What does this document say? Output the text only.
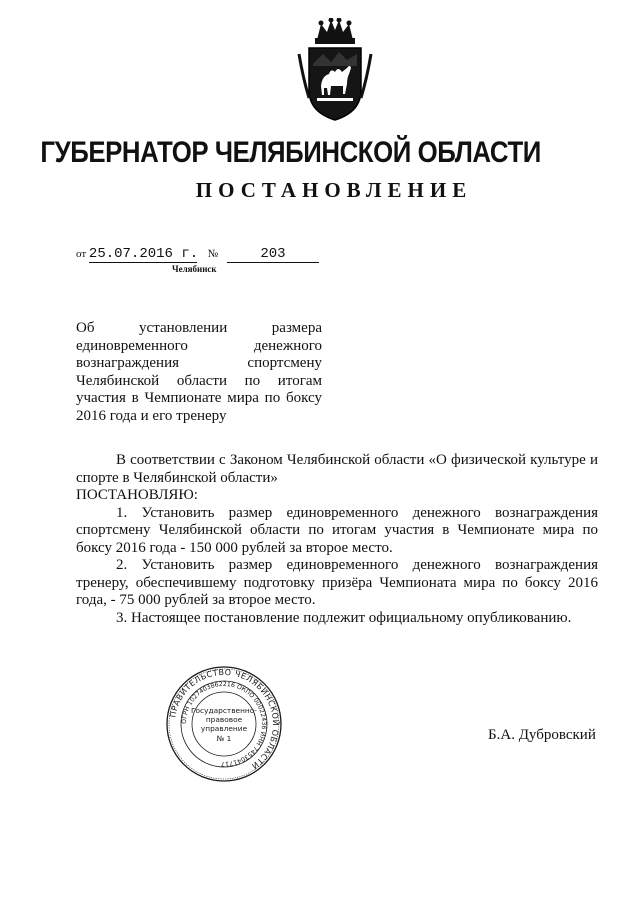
ГУБЕРНАТОР ЧЕЛЯБИНСКОЙ ОБЛАСТИ
ПОСТАНОВЛЕНИЕ
от 25.07.2016 г. №	203
Челябинск
Об установлении размера единовременного денежного вознаграждения спортсмену Челябинской области по итогам участия в Чемпионате мира по боксу 2016 года и его тренеру

В соответствии с Законом Челябинской области «О физической культуре и спорте в Челябинской области»

ПОСТАНОВЛЯЮ:

1. Установить размер единовременного денежного вознаграждения спортсмену Челябинской области по итогам участия в Чемпионате мира по боксу 2016 года - 150 000 рублей за второе место.

2. Установить размер единовременного денежного вознаграждения тренеру, обеспечившему подготовку призёра Чемпионата мира по боксу 2016 года, - 75 000 рублей за второе место.

3. Настоящее постановление подлежит официальному опубликованию.

ПРАВИТЕЛЬСТВО ЧЕЛЯБИНСКОЙ ОБЛАСТИ
ОГРН 1027403862216 ОКПО 00022436 ИНН 7453041717
Государственно-
правовое
управление
№ 1	Б.А. Дубровский
